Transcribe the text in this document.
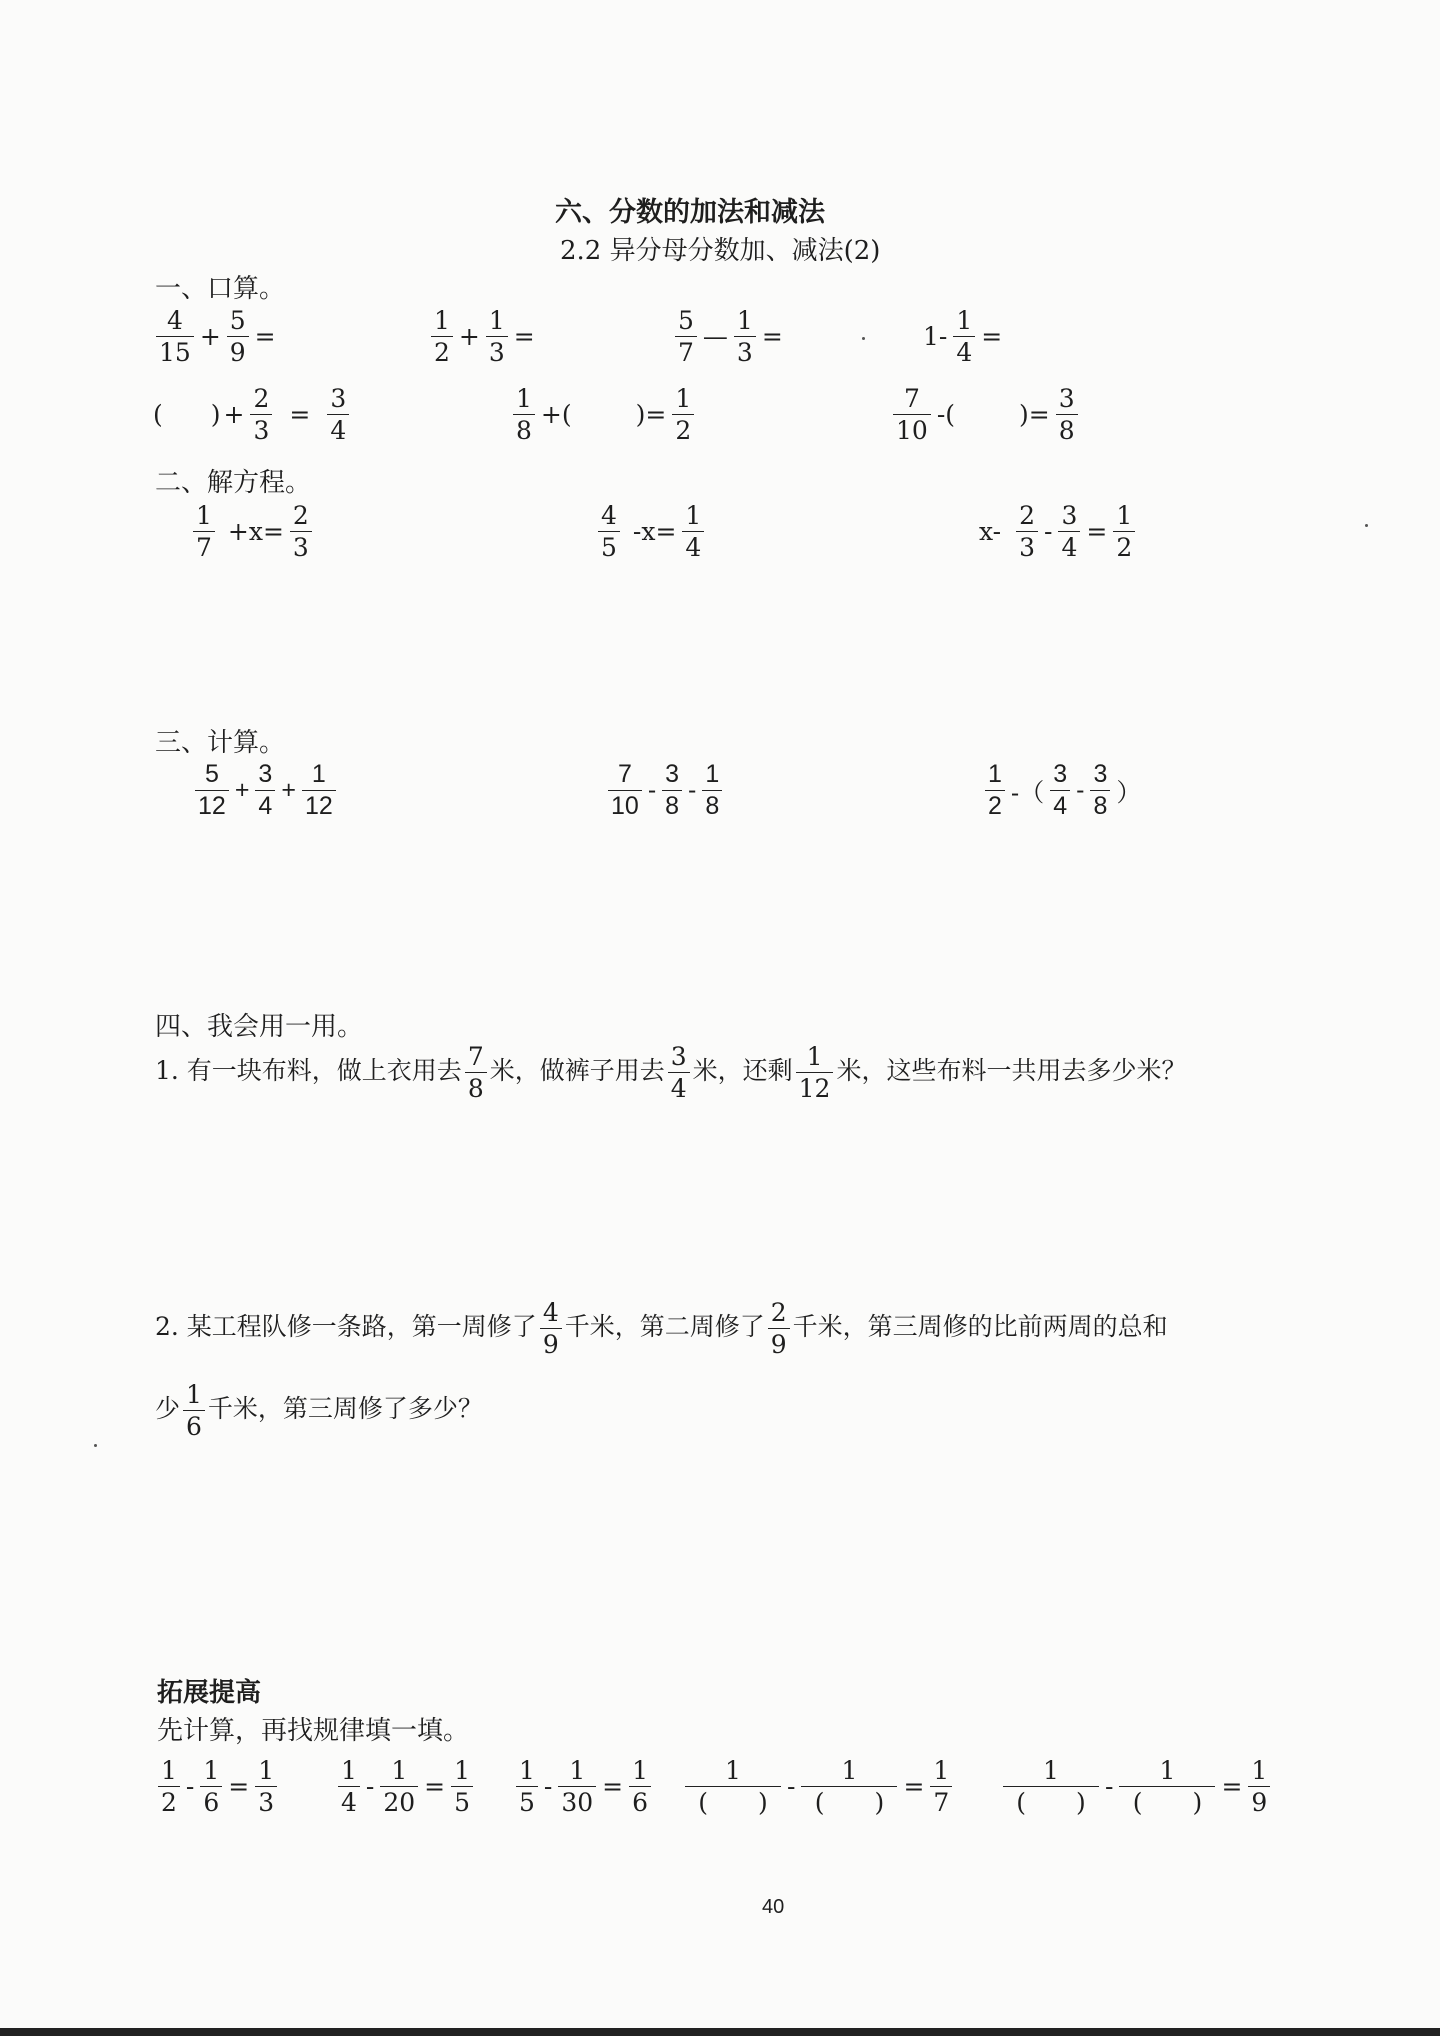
六、分数的加法和减法
2.2 异分母分数加、减法(2)
一、口算。
$\frac{4}{15} + \frac{5}{9}$ =	$\frac{1}{2} + \frac{1}{3}$ =	$\frac{5}{7}$ — $\frac{1}{3}$ =	$1- \frac{1}{4}$ =
( ) + $\frac{2}{3} = \frac{3}{4}$	$\frac{1}{8}$ +(	)= $\frac{1}{2}$	$\frac{7}{10}$ -(	)= $\frac{3}{8}$
二、解方程。
$\frac{1}{7} +x= \frac{2}{3}$	$\frac{4}{5} -x= \frac{1}{4}$	$x- \frac{2}{3} - \frac{3}{4} = \frac{1}{2}$
三、计算。
$\frac{5}{12} + \frac{3}{4} + \frac{1}{12}$	$\frac{7}{10} - \frac{3}{8} - \frac{1}{8}$	$\frac{1}{2}$ -（ $\frac{3}{4} - \frac{3}{8}$ ）
四、我会用一用。
1. 有一块布料，做上衣用去 $\frac{7}{8}$ 米，做裤子用去 $\frac{3}{4}$ 米，还剩 $\frac{1}{12}$ 米，这些布料一共用去多少米？
2. 某工程队修一条路，第一周修了 $\frac{4}{9}$ 千米，第二周修了 $\frac{2}{9}$ 千米，第三周修的比前两周的总和
少 $\frac{1}{6}$ 千米，第三周修了多少？
拓展提高
先计算，再找规律填一填。
$\frac{1}{2} - \frac{1}{6} = \frac{1}{3} \frac{1}{4} - \frac{1}{20} = \frac{1}{5} \frac{1}{5} - \frac{1}{30} = \frac{1}{6} \frac{1}{( )} - \frac{1}{( )} = \frac{1}{7} \frac{1}{( )} - \frac{1}{( )} = \frac{1}{9}$
40
